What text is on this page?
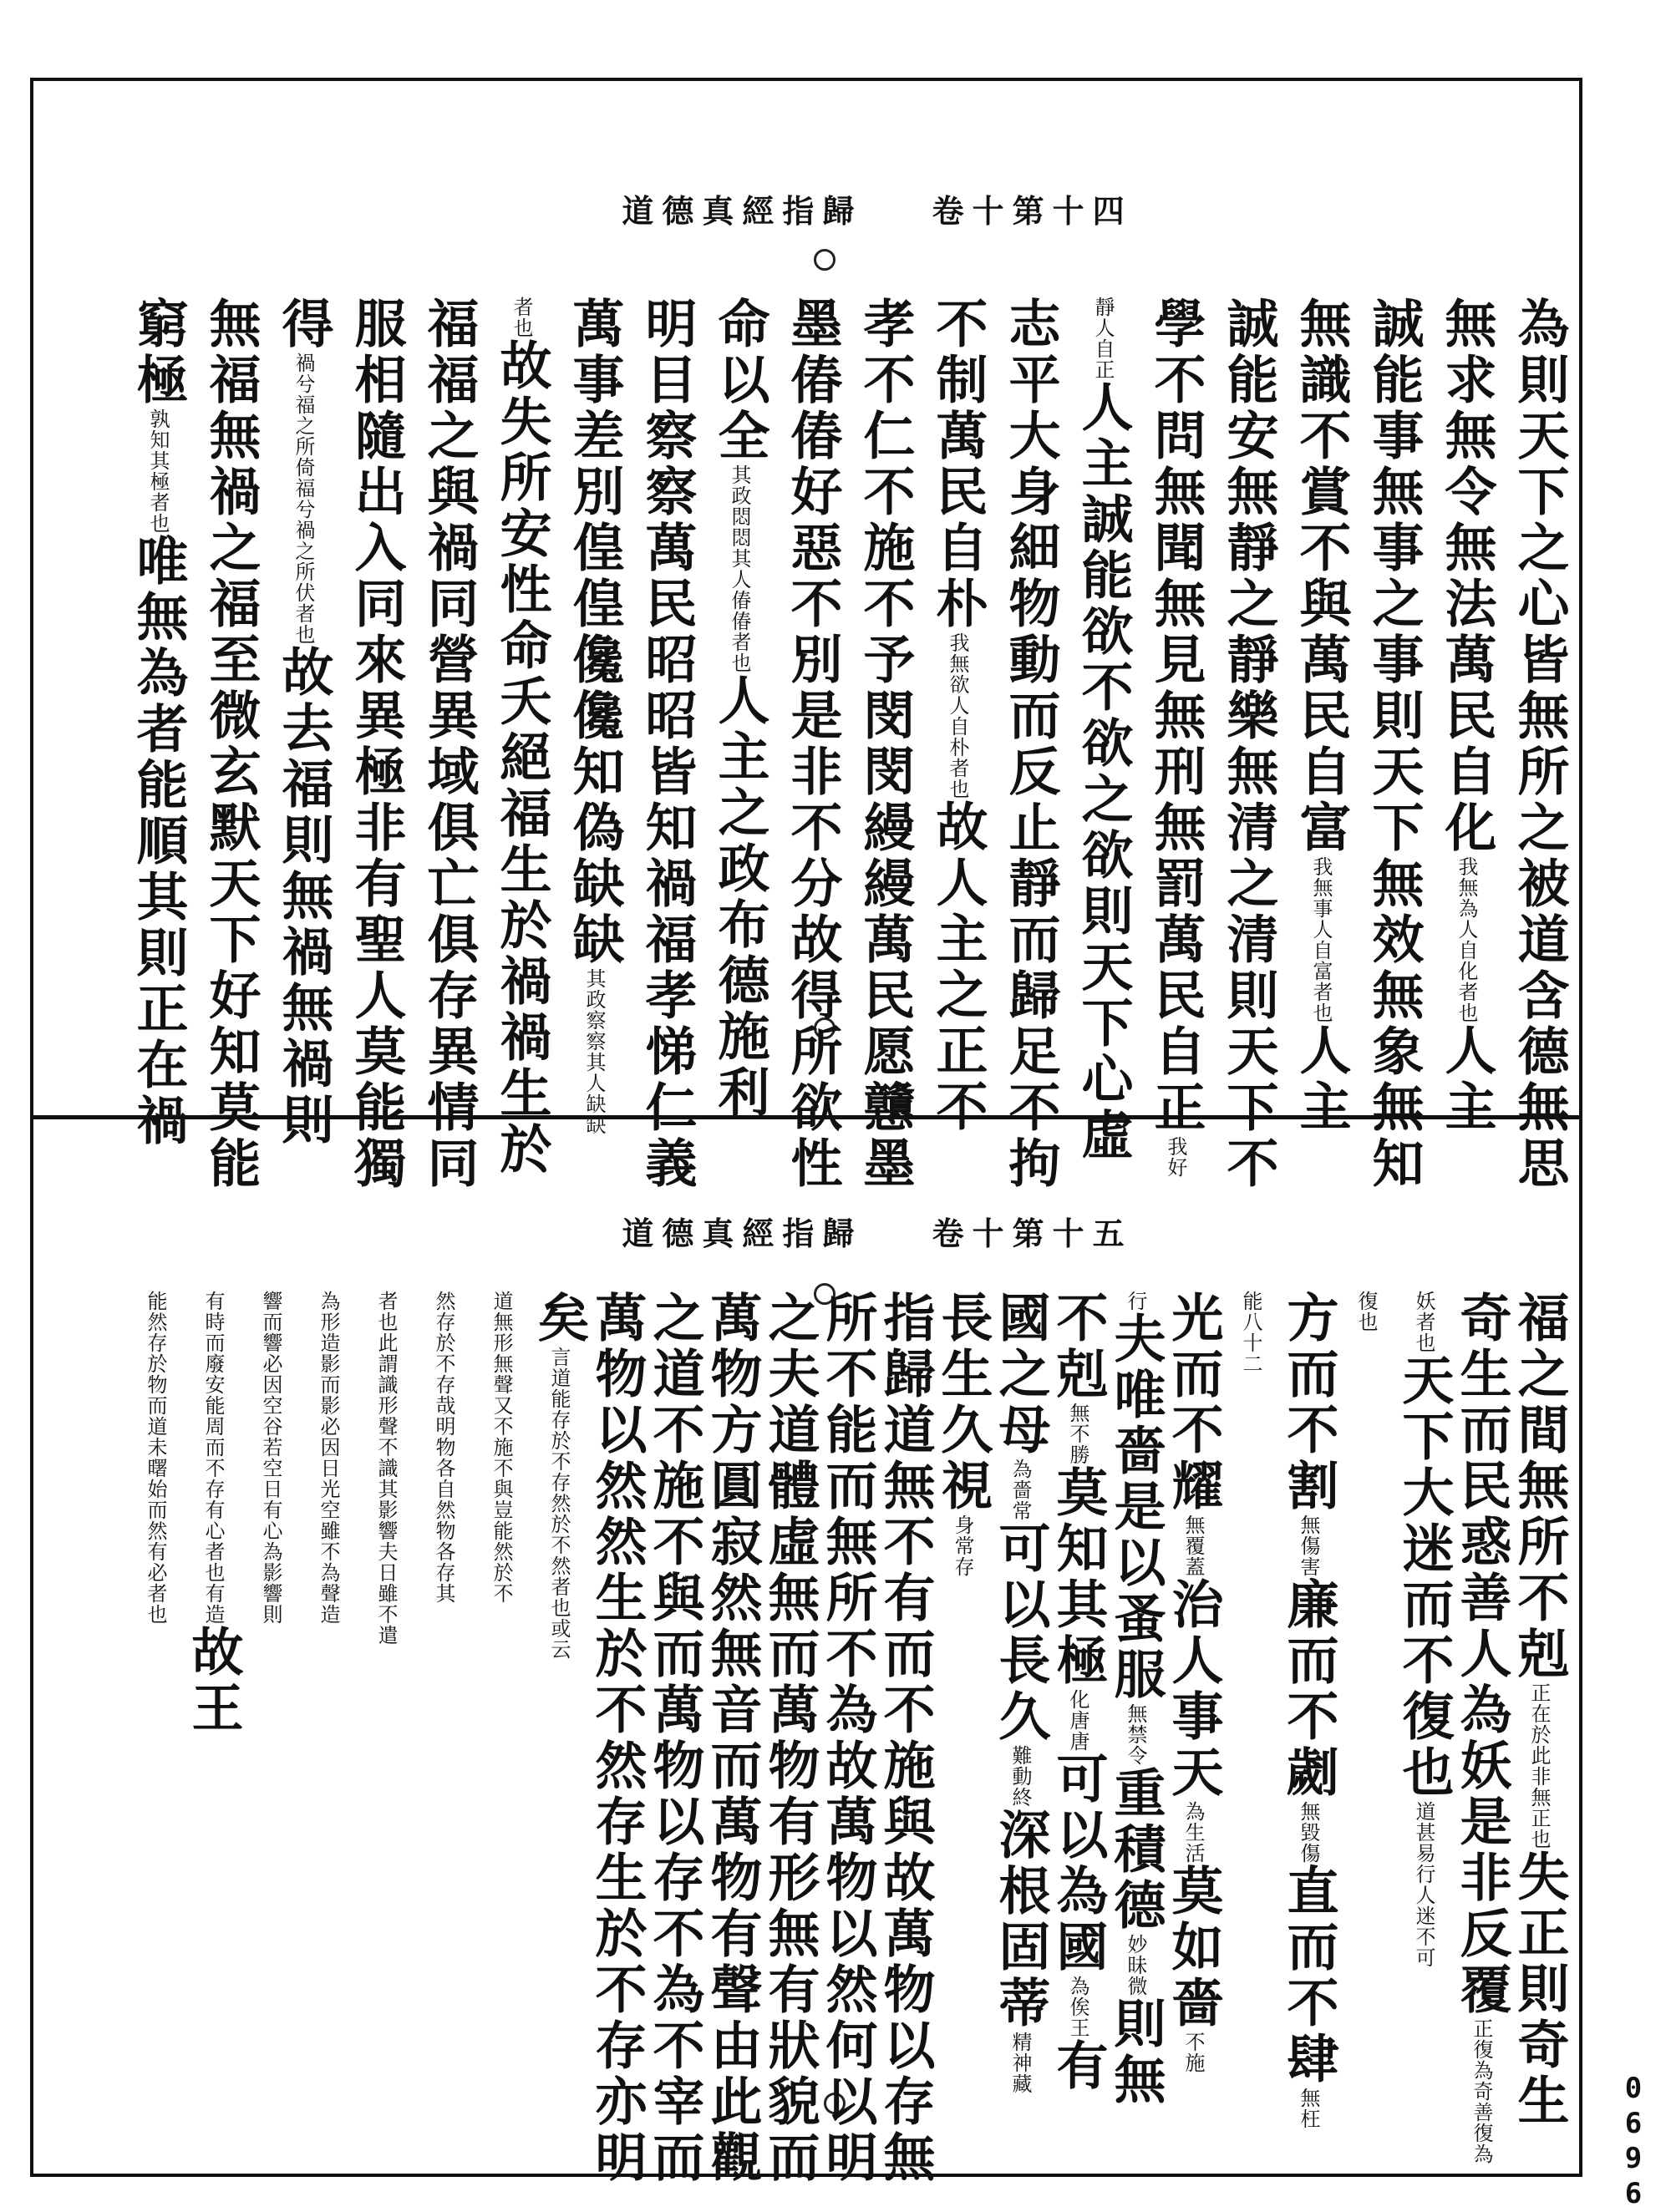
道德真經指歸 卷十第十四
道德真經指歸 卷十第十五
為則天下之心皆無所之被道含德無思
無求無令無法萬民自化我無為人自化者也人主
誠能事無事之事則天下無效無象無知
無識不賞不與萬民自富我無事人自富者也人主
誠能安無靜之靜樂無清之清則天下不
學不問無聞無見無刑無罰萬民自正我好
靜人自正人主誠能欲不欲之欲則天下心虛
志平大身細物動而反止靜而歸足不拘
不制萬民自朴我無欲人自朴者也故人主之正不
孝不仁不施不予閔閔縵縵萬民愿戇墨
墨偆偆好惡不別是非不分故得所欲性
命以全其政悶悶其人偆偆者也人主之政布德施利
明目察察萬民昭昭皆知禍福孝悌仁義
萬事差別偟偟儳儳知偽缺缺其政察察其人缺缺
者也故失所安性命夭絕福生於禍禍生於
福福之與禍同營異域俱亡俱存異情同
服相隨出入同來異極非有聖人莫能獨
得禍兮福之所倚福兮禍之所伏者也故去福則無禍無禍則
無福無禍之福至微玄默天下好知莫能
窮極孰知其極者也唯無為者能順其則正在禍
福之間無所不剋正在於此非無正也失正則奇生
奇生而民惑善人為妖是非反覆正復為奇善復為
妖者也天下大迷而不復也道甚易行人迷不可
復也
方而不割無傷害廉而不劌無毀傷直而不肆無枉
能八十二
光而不耀無覆蓋治人事天為生活莫如嗇不施
行夫唯嗇是以蚤服無禁令重積德妙昧微則無
不剋無不勝莫知其極化唐唐可以為國為俟王有
國之母為嗇常可以長久難動終深根固蒂精神藏
長生久視身常存
指歸道無不有而不施與故萬物以存無
所不能而無所不為故萬物以然何以明
之夫道體虛無而萬物有形無有狀貌而
萬物方圓寂然無音而萬物有聲由此觀
之道不施不與而萬物以存不為不宰而
萬物以然然生於不然存生於不存亦明
矣言道能存於不存然於不然者也或云
道無形無聲又不施不與豈能然於不
然存於不存哉明物各自然物各存其
者也此謂識形聲不識其影響夫日雖不遣
為形造影而影必因日光空雖不為聲造
響而響必因空谷若空日有心為影響則
有時而廢安能周而不存有心者也有造故王
能然存於物而道未曙始而然有必者也
0696
